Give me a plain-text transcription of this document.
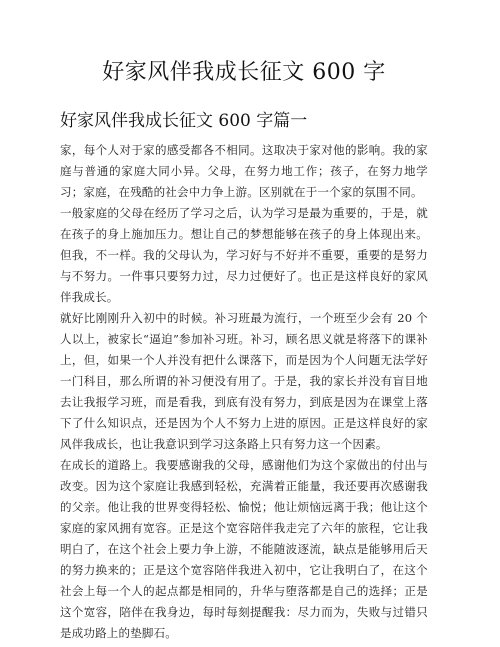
好家风伴我成长征文 600 字
好家风伴我成长征文 600 字篇一

家，每个人对于家的感受都各不相同。这取决于家对他的影响。我的家庭与普通的家庭大同小异。父母，在努力地工作；孩子，在努力地学习；家庭，在残酷的社会中力争上游。区别就在于一个家的氛围不同。

一般家庭的父母在经历了学习之后，认为学习是最为重要的，于是，就在孩子的身上施加压力。想让自己的梦想能够在孩子的身上体现出来。但我，不一样。我的父母认为，学习好与不好并不重要，重要的是努力与不努力。一件事只要努力过，尽力过便好了。也正是这样良好的家风伴我成长。

就好比刚刚升入初中的时候。补习班最为流行，一个班至少会有 20 个人以上，被家长“逼迫”参加补习班。补习，顾名思义就是将落下的课补上，但，如果一个人并没有把什么课落下，而是因为个人问题无法学好一门科目，那么所谓的补习便没有用了。于是，我的家长并没有盲目地去让我报学习班，而是看我，到底有没有努力，到底是因为在课堂上落下了什么知识点，还是因为个人不努力上进的原因。正是这样良好的家风伴我成长，也让我意识到学习这条路上只有努力这一个因素。

在成长的道路上。我要感谢我的父母，感谢他们为这个家做出的付出与改变。因为这个家庭让我感到轻松，充满着正能量，我还要再次感谢我的父亲。他让我的世界变得轻松、愉悦；他让烦恼远离于我；他让这个家庭的家风拥有宽容。正是这个宽容陪伴我走完了六年的旅程，它让我明白了，在这个社会上要力争上游，不能随波逐流，缺点是能够用后天的努力换来的；正是这个宽容陪伴我进入初中，它让我明白了，在这个社会上每一个人的起点都是相同的，升华与堕落都是自己的选择；正是这个宽容，陪伴在我身边，每时每刻提醒我：尽力而为，失败与过错只是成功路上的垫脚石。
